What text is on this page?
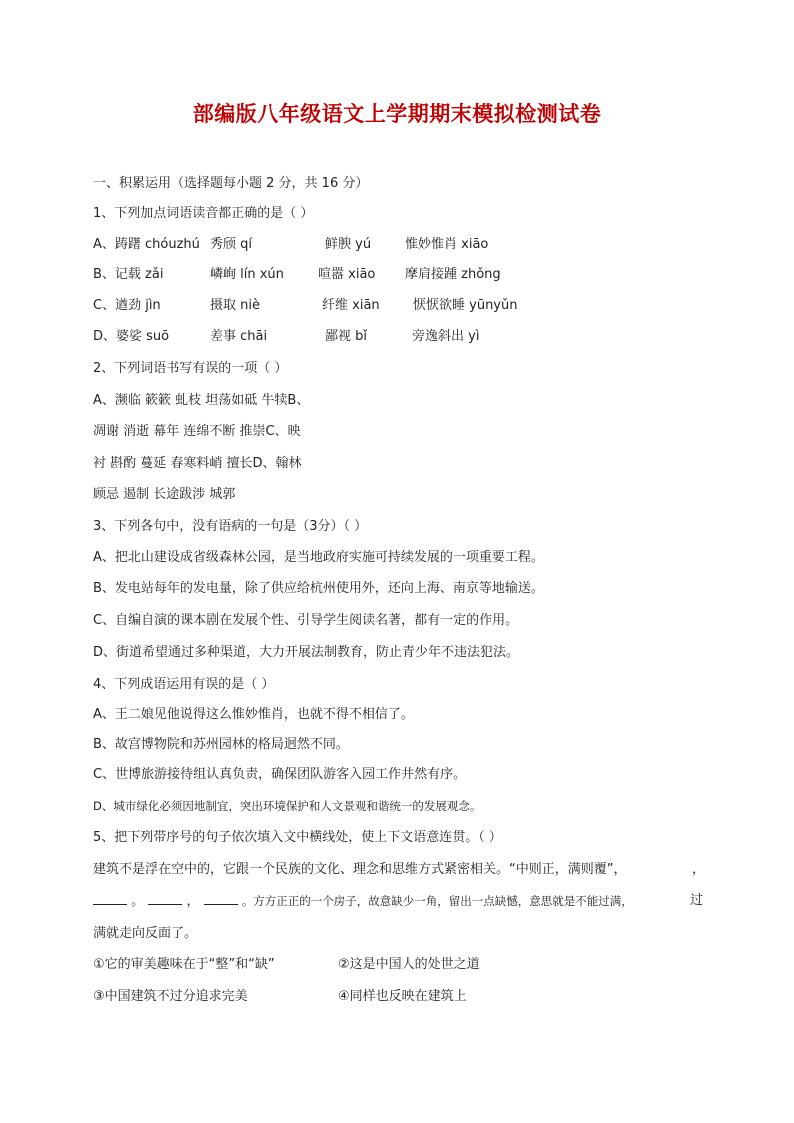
部编版八年级语文上学期期末模拟检测试卷
一、积累运用（选择题每小题 2 分，共 16 分）
1、下列加点词语读音都正确的是（ ）
A、踌躇 chóuzhú 秀颀 qí	鲜腴 yú	惟妙惟肖 xiāo
B、记载 zǎi	嶙峋 lín xún	喧嚣 xiāo 摩肩接踵 zhǒng
C、遒劲 jìn	摄取 niè	纤维 xiān	恹恹欲睡 yūnyǔn
D、婆娑 suō	差事 chāi	鄙视 bǐ	旁逸斜出 yì
2、下列词语书写有误的一项（ ）
A、濒临 簌簌 虬枝 坦荡如砥 牛犊B、
凋谢 消逝 幕年 连绵不断 推崇C、映
衬 斟酌 蔓延 春寒料峭 擅长D、翰林
顾忌 遏制 长途跋涉 城郭
3、下列各句中，没有语病的一句是（3分）（ ）
A、把北山建设成省级森林公园，是当地政府实施可持续发展的一项重要工程。
B、发电站每年的发电量，除了供应给杭州使用外，还向上海、南京等地输送。
C、自编自演的课本剧在发展个性、引导学生阅读名著，都有一定的作用。
D、街道希望通过多种渠道，大力开展法制教育，防止青少年不违法犯法。
4、下列成语运用有误的是（ ）
A、王二娘见他说得这么惟妙惟肖，也就不得不相信了。
B、故宫博物院和苏州园林的格局迥然不同。
C、世博旅游接待组认真负责，确保团队游客入园工作井然有序。
D、城市绿化必须因地制宜，突出环境保护和人文景观和谐统一的发展观念。
5、把下列带序号的句子依次填入文中横线处，使上下文语意连贯。（ ）
建筑不是浮在空中的，它跟一个民族的文化、理念和思维方式紧密相关。“中则正，满则覆”，	，
。	，	。方方正正的一个房子，故意缺少一角，留出一点缺憾，意思就是不能过满，	过
满就走向反面了。
①它的审美趣味在于“整”和“缺”	②这是中国人的处世之道
③中国建筑不过分追求完美	④同样也反映在建筑上
